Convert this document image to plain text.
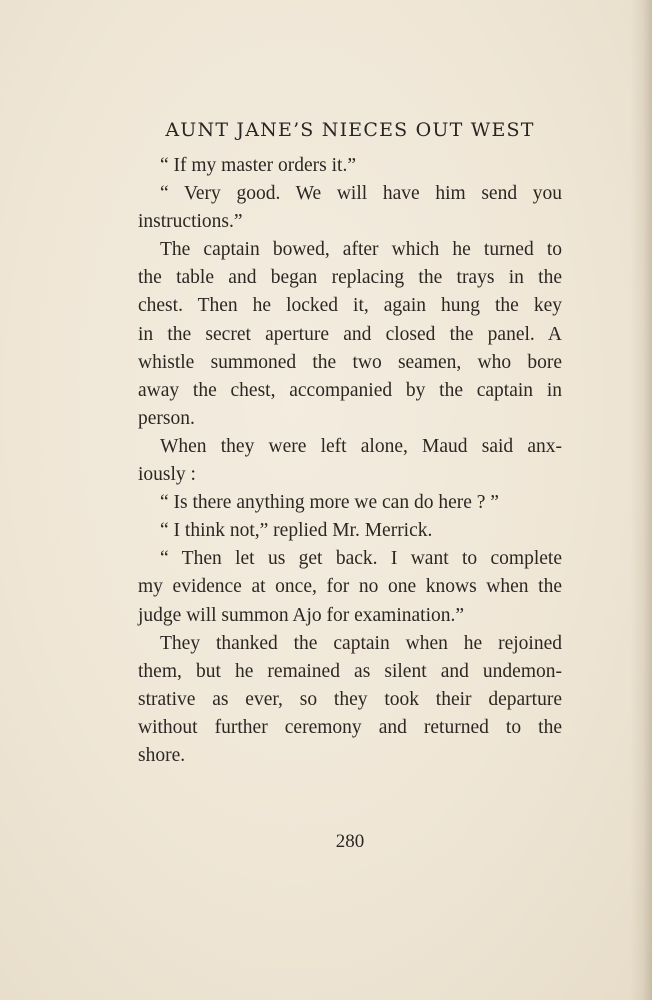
AUNT JANE’S NIECES OUT WEST
“ If my master orders it.”
“ Very good. We will have him send you
instructions.”
The captain bowed, after which he turned to
the table and began replacing the trays in the
chest. Then he locked it, again hung the key
in the secret aperture and closed the panel. A
whistle summoned the two seamen, who bore
away the chest, accompanied by the captain in
person.
When they were left alone, Maud said anx-
iously :
“ Is there anything more we can do here ? ”
“ I think not,” replied Mr. Merrick.
“ Then let us get back. I want to complete
my evidence at once, for no one knows when the
judge will summon Ajo for examination.”
They thanked the captain when he rejoined
them, but he remained as silent and undemon-
strative as ever, so they took their departure
without further ceremony and returned to the
shore.
280
